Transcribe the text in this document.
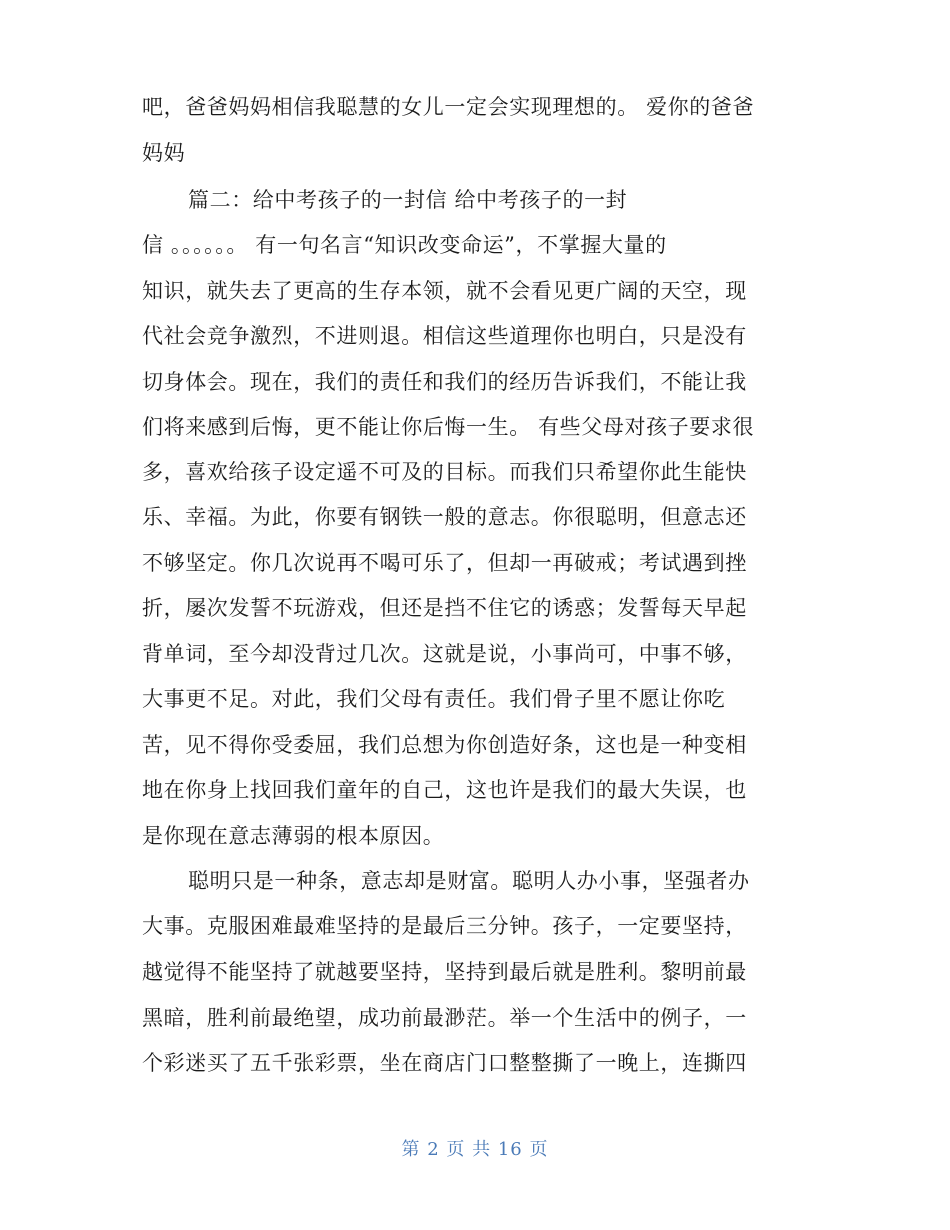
吧，爸爸妈妈相信我聪慧的女儿一定会实现理想的。 爱你的爸爸
妈妈
篇二：给中考孩子的一封信 给中考孩子的一封
信 。。。。。。 有一句名言“知识改变命运”，不掌握大量的
知识，就失去了更高的生存本领，就不会看见更广阔的天空，现
代社会竞争激烈，不进则退。相信这些道理你也明白，只是没有
切身体会。现在，我们的责任和我们的经历告诉我们，不能让我
们将来感到后悔，更不能让你后悔一生。 有些父母对孩子要求很
多，喜欢给孩子设定遥不可及的目标。而我们只希望你此生能快
乐、幸福。为此，你要有钢铁一般的意志。你很聪明，但意志还
不够坚定。你几次说再不喝可乐了，但却一再破戒；考试遇到挫
折，屡次发誓不玩游戏，但还是挡不住它的诱惑；发誓每天早起
背单词，至今却没背过几次。这就是说，小事尚可，中事不够，
大事更不足。对此，我们父母有责任。我们骨子里不愿让你吃
苦，见不得你受委屈，我们总想为你创造好条，这也是一种变相
地在你身上找回我们童年的自己，这也许是我们的最大失误，也
是你现在意志薄弱的根本原因。
聪明只是一种条，意志却是财富。聪明人办小事，坚强者办
大事。克服困难最难坚持的是最后三分钟。孩子，一定要坚持，
越觉得不能坚持了就越要坚持，坚持到最后就是胜利。黎明前最
黑暗，胜利前最绝望，成功前最渺茫。举一个生活中的例子，一
个彩迷买了五千张彩票，坐在商店门口整整撕了一晚上，连撕四
第 2 页 共 16 页
